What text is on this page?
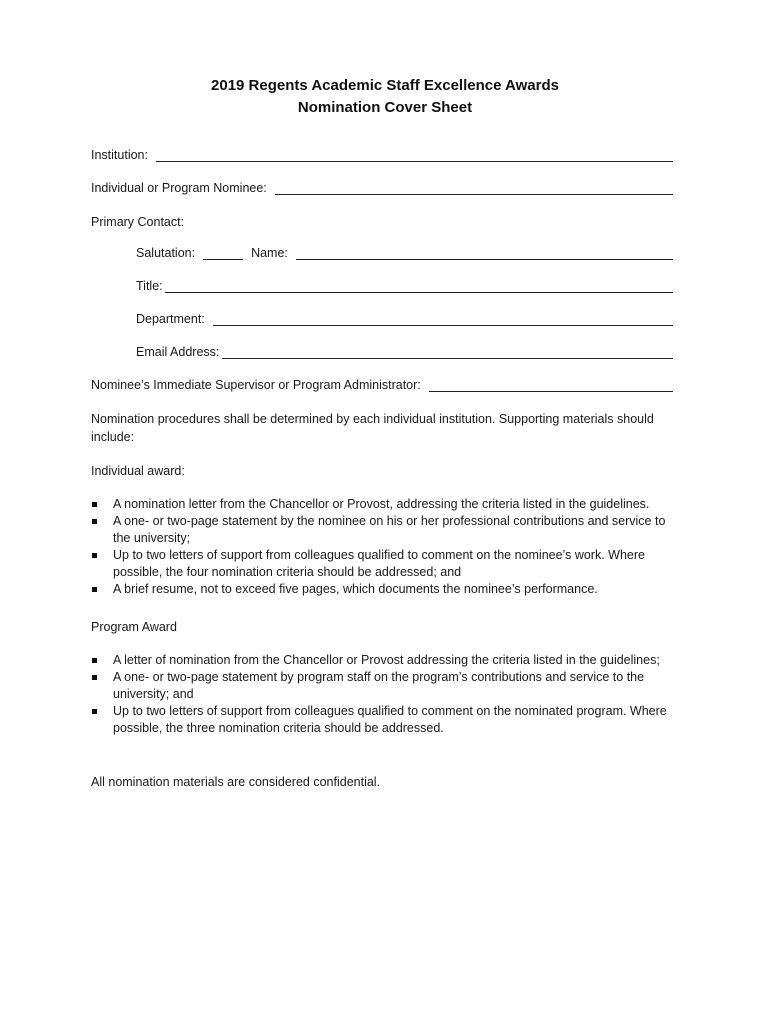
2019 Regents Academic Staff Excellence Awards
Nomination Cover Sheet
Institution:
Individual or Program Nominee:
Primary Contact:
Salutation:	Name:
Title:
Department:
Email Address:
Nominee’s Immediate Supervisor or Program Administrator:
Nomination procedures shall be determined by each individual institution. Supporting materials should include:
Individual award:
A nomination letter from the Chancellor or Provost, addressing the criteria listed in the guidelines.
A one- or two-page statement by the nominee on his or her professional contributions and service to the university;
Up to two letters of support from colleagues qualified to comment on the nominee’s work. Where possible, the four nomination criteria should be addressed; and
A brief resume, not to exceed five pages, which documents the nominee’s performance.
Program Award
A letter of nomination from the Chancellor or Provost addressing the criteria listed in the guidelines;
A one- or two-page statement by program staff on the program’s contributions and service to the university; and
Up to two letters of support from colleagues qualified to comment on the nominated program. Where possible, the three nomination criteria should be addressed.
All nomination materials are considered confidential.
